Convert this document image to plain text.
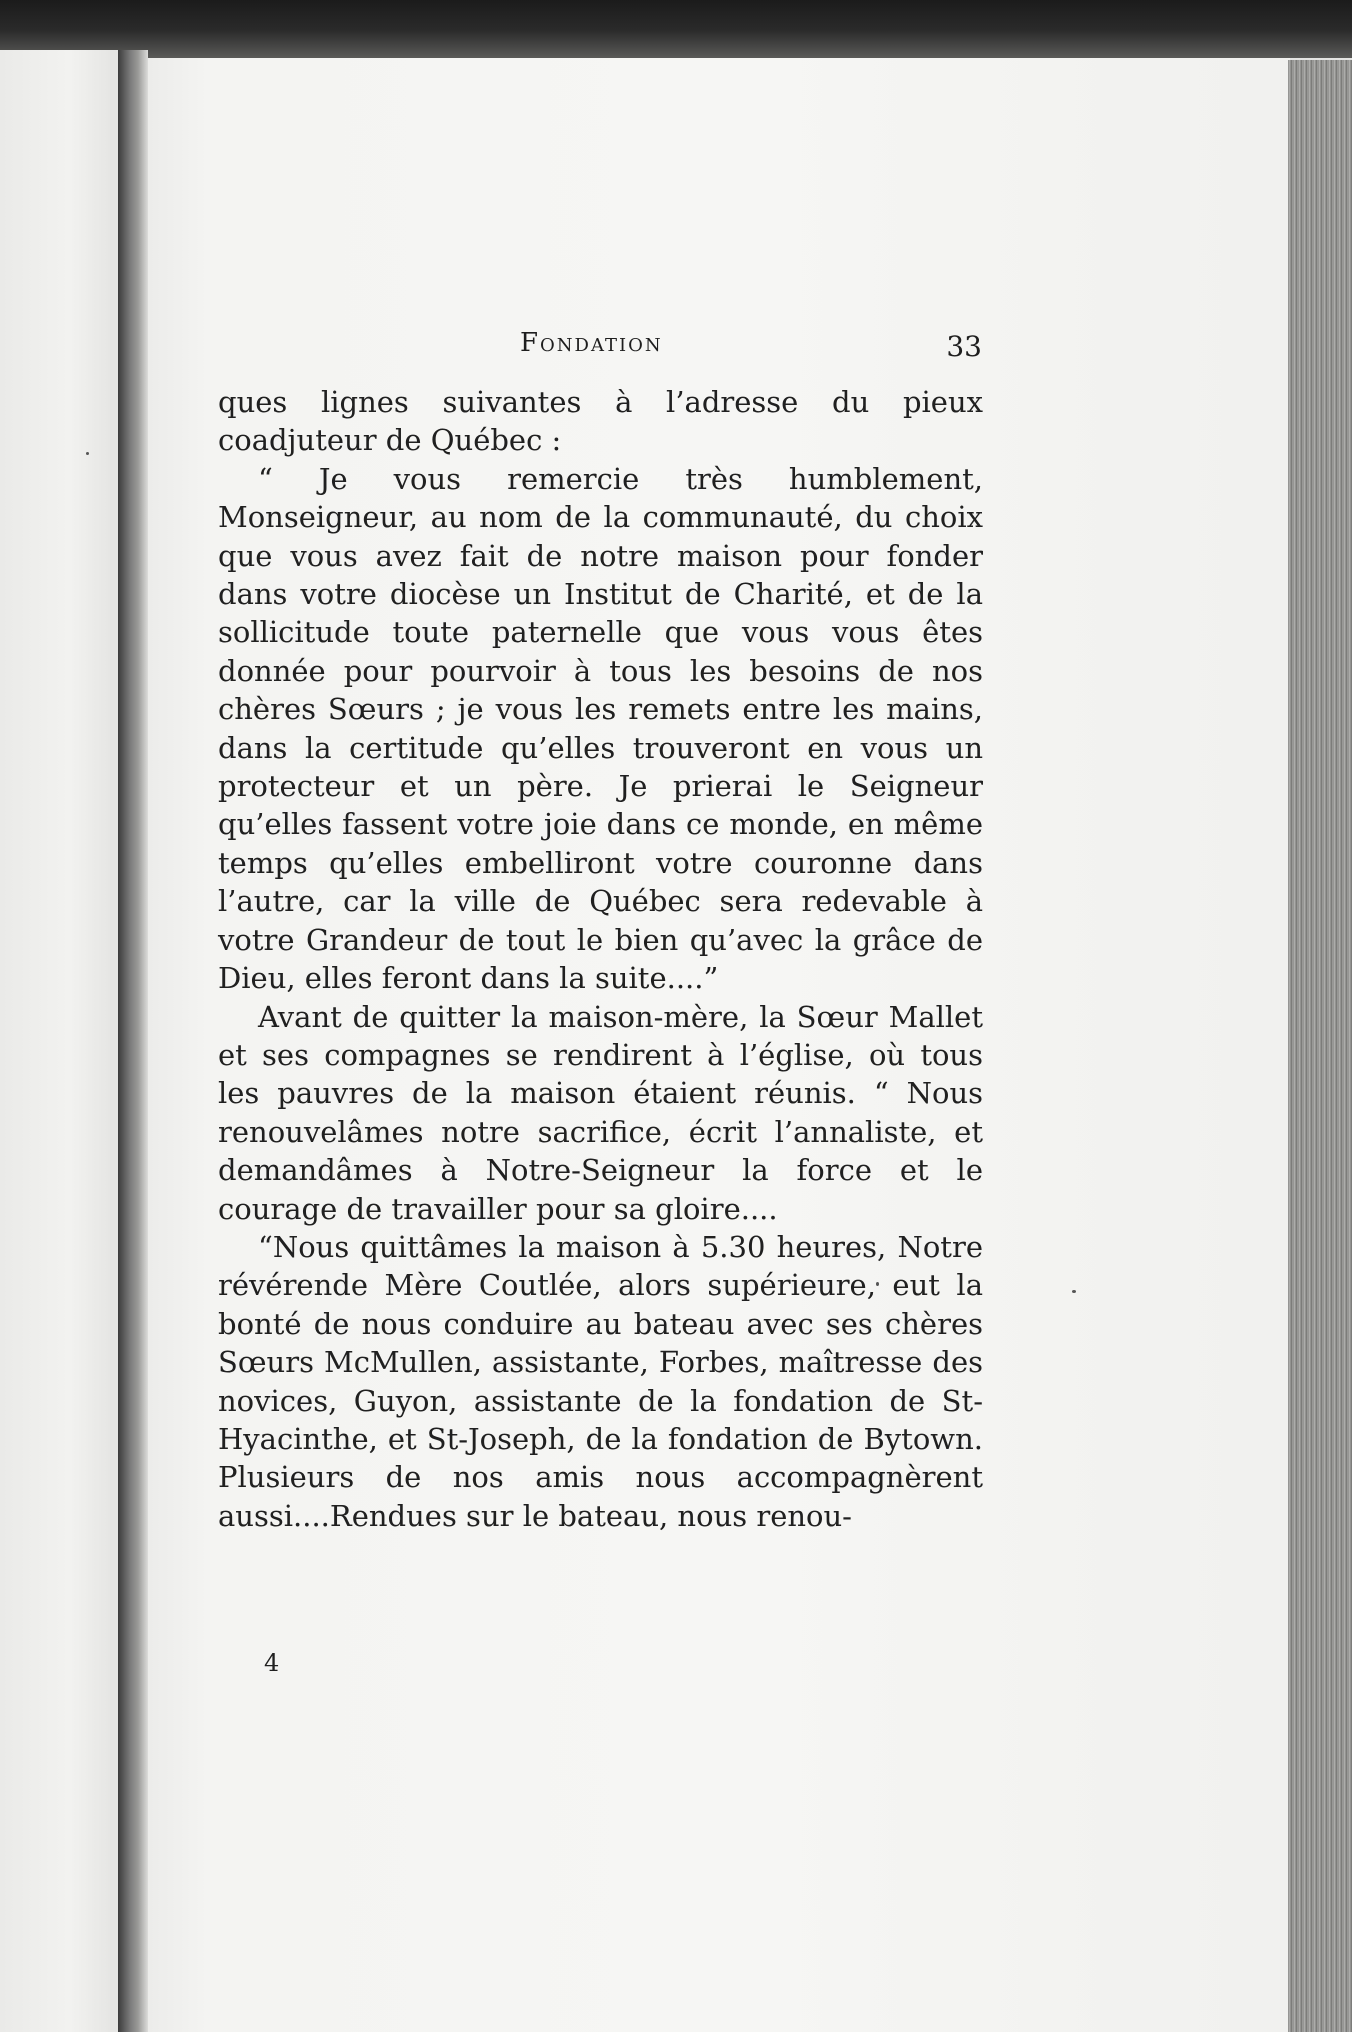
Fondation	33

ques lignes suivantes à l’adresse du pieux coadjuteur de Québec :

“ Je vous remercie très humblement, Monseigneur, au nom de la communauté, du choix que vous avez fait de notre maison pour fonder dans votre diocèse un Institut de Charité, et de la sollicitude toute paternelle que vous vous êtes donnée pour pourvoir à tous les besoins de nos chères Sœurs ; je vous les remets entre les mains, dans la certitude qu’elles trouveront en vous un protecteur et un père. Je prierai le Seigneur qu’elles fassent votre joie dans ce monde, en même temps qu’elles embelliront votre couronne dans l’autre, car la ville de Québec sera redevable à votre Grandeur de tout le bien qu’avec la grâce de Dieu, elles feront dans la suite....”

Avant de quitter la maison-mère, la Sœur Mallet et ses compagnes se rendirent à l’église, où tous les pauvres de la maison étaient réunis. “ Nous renouvelâmes notre sacrifice, écrit l’annaliste, et demandâmes à Notre-Seigneur la force et le courage de travailler pour sa gloire....

“Nous quittâmes la maison à 5.30 heures, Notre révérende Mère Coutlée, alors supérieure, eut la bonté de nous conduire au bateau avec ses chères Sœurs McMullen, assistante, Forbes, maîtresse des novices, Guyon, assistante de la fondation de St-Hyacinthe, et St-Joseph, de la fondation de Bytown. Plusieurs de nos amis nous accompagnèrent aussi....Rendues sur le bateau, nous renou-

4
